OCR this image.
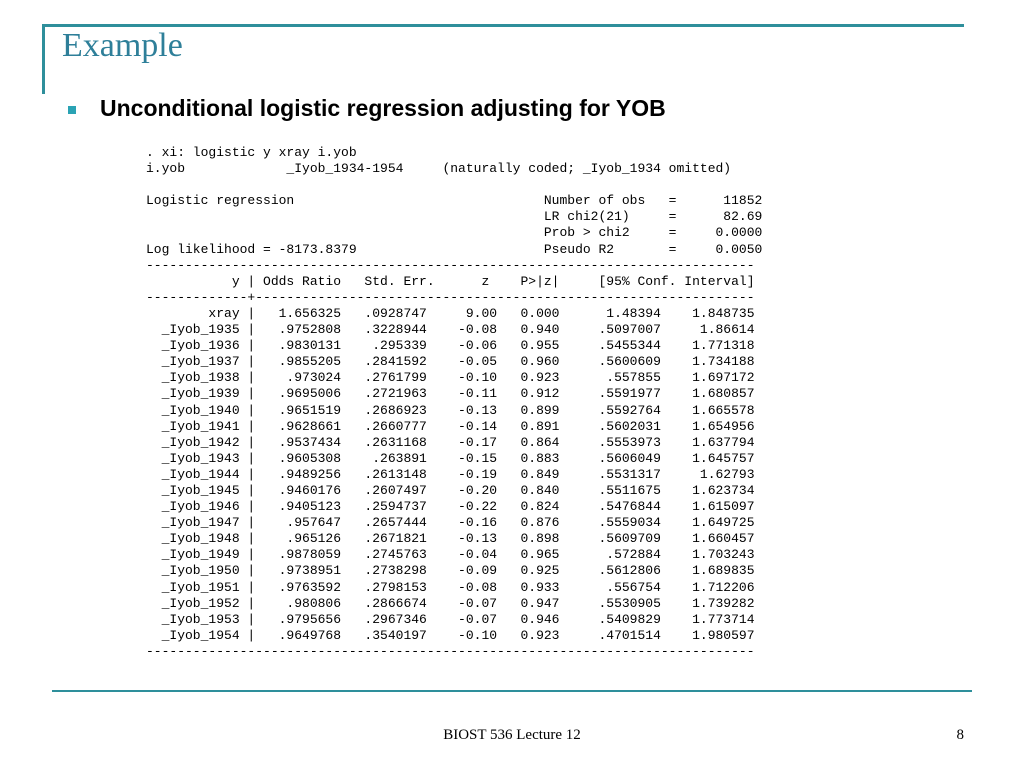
Example
Unconditional logistic regression adjusting for YOB
. xi: logistic y xray i.yob
i.yob             _Iyob_1934-1954     (naturally coded; _Iyob_1934 omitted)
Logistic regression                                Number of obs   =      11852
LR chi2(21)     =      82.69
Prob > chi2     =     0.0000
Log likelihood = -8173.8379                        Pseudo R2       =     0.0050
------------------------------------------------------------------------------
y | Odds Ratio   Std. Err.      z    P>|z|     [95% Conf. Interval]
-------------+----------------------------------------------------------------
xray |   1.656325   .0928747     9.00   0.000      1.48394    1.848735
_Iyob_1935 |   .9752808   .3228944    -0.08   0.940     .5097007     1.86614
_Iyob_1936 |   .9830131    .295339    -0.06   0.955     .5455344    1.771318
_Iyob_1937 |   .9855205   .2841592    -0.05   0.960     .5600609    1.734188
_Iyob_1938 |    .973024   .2761799    -0.10   0.923      .557855    1.697172
_Iyob_1939 |   .9695006   .2721963    -0.11   0.912     .5591977    1.680857
_Iyob_1940 |   .9651519   .2686923    -0.13   0.899     .5592764    1.665578
_Iyob_1941 |   .9628661   .2660777    -0.14   0.891     .5602031    1.654956
_Iyob_1942 |   .9537434   .2631168    -0.17   0.864     .5553973    1.637794
_Iyob_1943 |   .9605308    .263891    -0.15   0.883     .5606049    1.645757
_Iyob_1944 |   .9489256   .2613148    -0.19   0.849     .5531317     1.62793
_Iyob_1945 |   .9460176   .2607497    -0.20   0.840     .5511675    1.623734
_Iyob_1946 |   .9405123   .2594737    -0.22   0.824     .5476844    1.615097
_Iyob_1947 |    .957647   .2657444    -0.16   0.876     .5559034    1.649725
_Iyob_1948 |    .965126   .2671821    -0.13   0.898     .5609709    1.660457
_Iyob_1949 |   .9878059   .2745763    -0.04   0.965      .572884    1.703243
_Iyob_1950 |   .9738951   .2738298    -0.09   0.925     .5612806    1.689835
_Iyob_1951 |   .9763592   .2798153    -0.08   0.933      .556754    1.712206
_Iyob_1952 |    .980806   .2866674    -0.07   0.947     .5530905    1.739282
_Iyob_1953 |   .9795656   .2967346    -0.07   0.946     .5409829    1.773714
_Iyob_1954 |   .9649768   .3540197    -0.10   0.923     .4701514    1.980597
------------------------------------------------------------------------------
BIOST 536 Lecture 12	8
